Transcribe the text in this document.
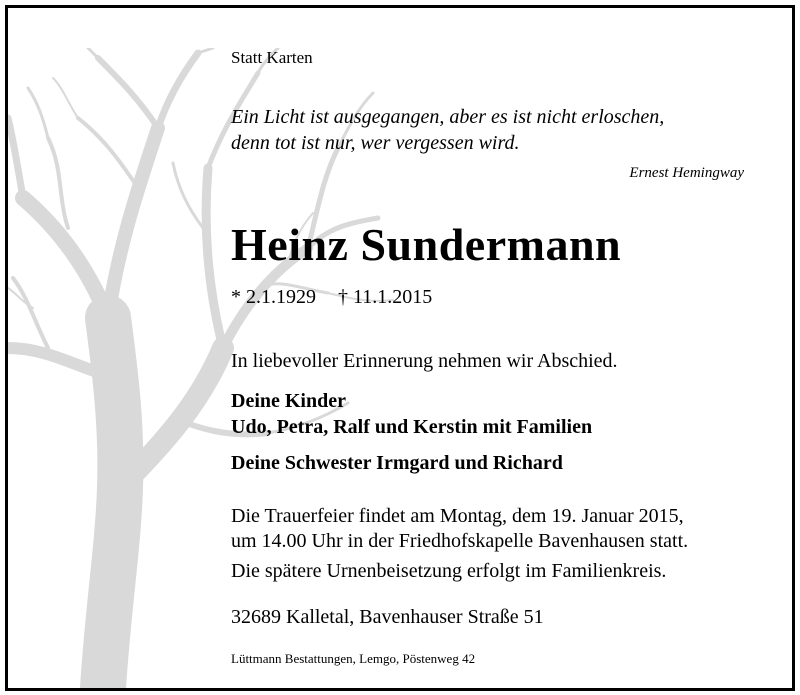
Statt Karten
Ein Licht ist ausgegangen, aber es ist nicht erloschen,
denn tot ist nur, wer vergessen wird.
Ernest Hemingway
Heinz Sundermann
* 2.1.1929 † 11.1.2015
In liebevoller Erinnerung nehmen wir Abschied.
Deine Kinder
Udo, Petra, Ralf und Kerstin mit Familien
Deine Schwester Irmgard und Richard
Die Trauerfeier findet am Montag, dem 19. Januar 2015,
um 14.00 Uhr in der Friedhofskapelle Bavenhausen statt.
Die spätere Urnenbeisetzung erfolgt im Familienkreis.
32689 Kalletal, Bavenhauser Straße 51
Lüttmann Bestattungen, Lemgo, Pöstenweg 42
